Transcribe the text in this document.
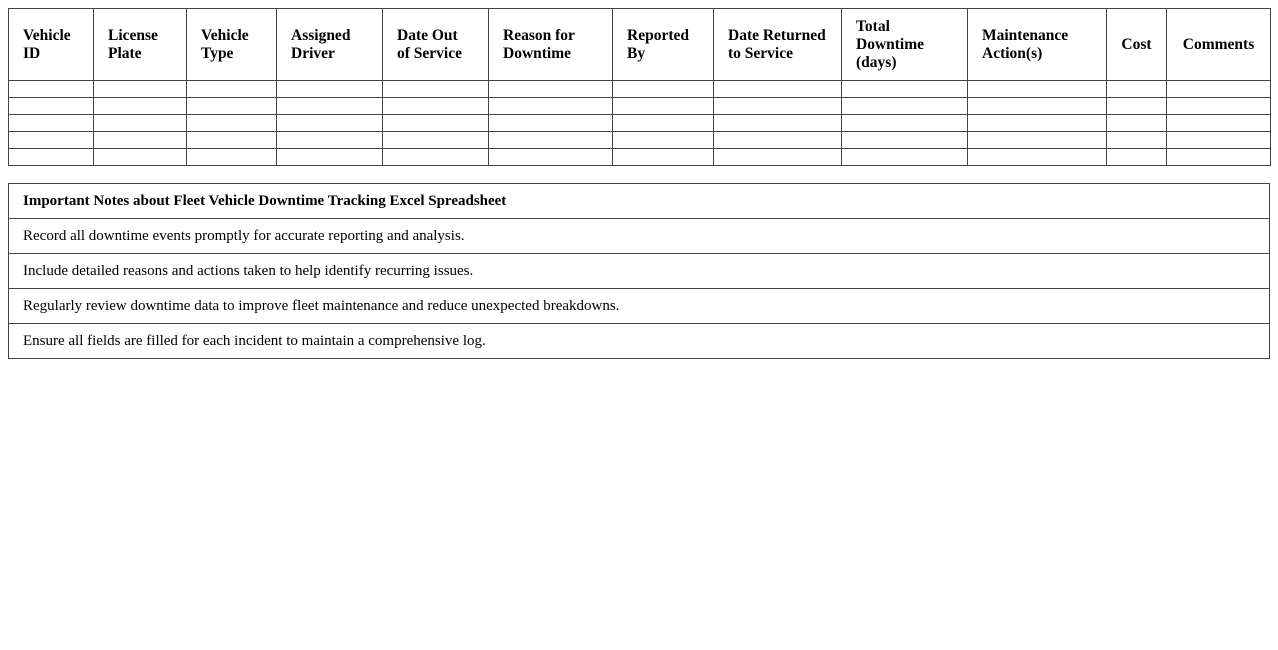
Vehicle ID	License Plate	Vehicle Type	Assigned Driver	Date Out of Service	Reason for Downtime	Reported By	Date Returned to Service	Total Downtime (days)	Maintenance Action(s)	Cost	Comments

Important Notes about Fleet Vehicle Downtime Tracking Excel Spreadsheet
Record all downtime events promptly for accurate reporting and analysis.
Include detailed reasons and actions taken to help identify recurring issues.
Regularly review downtime data to improve fleet maintenance and reduce unexpected breakdowns.
Ensure all fields are filled for each incident to maintain a comprehensive log.
